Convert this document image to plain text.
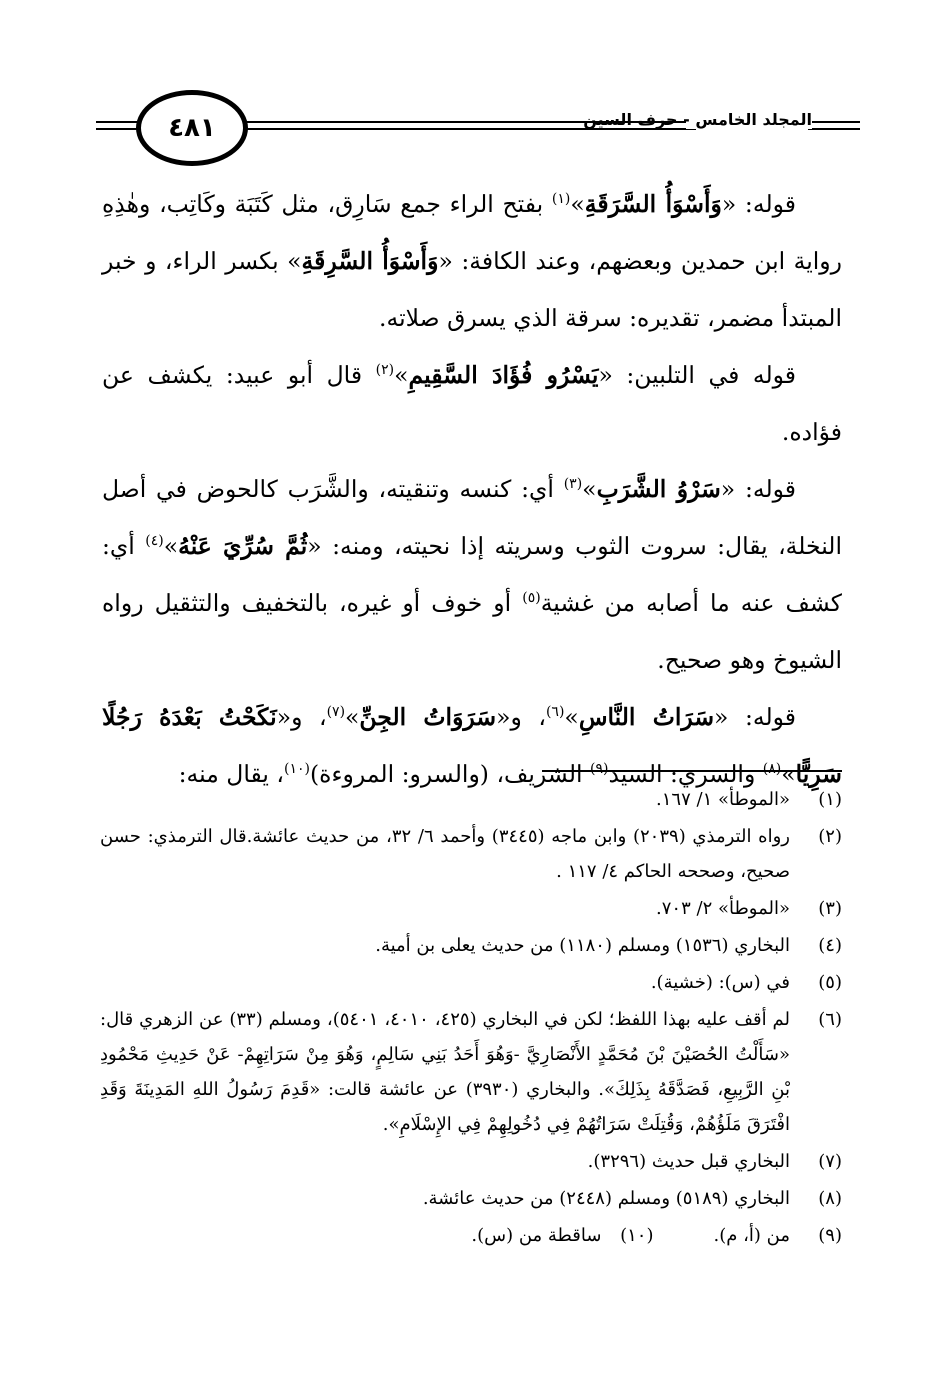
٤٨١	المجلد الخامس - حرف السين

قوله: «وَأَسْوَأُ السَّرَقَةِ»$^{(١)}$ بفتح الراء جمع سَارِق، مثل كَتَبَة وكَاتِب، وهٰذِهِ رواية ابن حمدين وبعضهم، وعند الكافة: «وَأَسْوَأُ السَّرِقَةِ» بكسر الراء، و خبر المبتدأ مضمر، تقديره: سرقة الذي يسرق صلاته.

قوله في التلبين: «يَسْرُو فُؤَادَ السَّقِيمِ»$^{(٢)}$ قال أبو عبيد: يكشف عن فؤاده.

قوله: «سَرْوُ الشَّرَبِ»$^{(٣)}$ أي: كنسه وتنقيته، والشَّرَب كالحوض في أصل النخلة، يقال: سروت الثوب وسريته إذا نحيته، ومنه: «ثُمَّ سُرِّيَ عَنْهُ»$^{(٤)}$ أي: كشف عنه ما أصابه من غشية$^{(٥)}$ أو خوف أو غيره، بالتخفيف والتثقيل رواه الشيوخ وهو صحيح.

قوله: «سَرَاتُ النَّاسِ»$^{(٦)}$، و«سَرَوَاتُ الجِنِّ»$^{(٧)}$، و«نَكَحْتُ بَعْدَهُ رَجُلًا سَرِيًّا»$^{(٨)}$ والسري: السيد$^{(٩)}$ الشريف، (والسرو: المروءة)$^{(١٠)}$، يقال منه:

(١)
«الموطأ» ١/ ١٦٧.
(٢)
رواه الترمذي (٢٠٣٩) وابن ماجه (٣٤٤٥) وأحمد ٦/ ٣٢، من حديث عائشة.قال الترمذي: حسن صحيح، وصححه الحاكم ٤/ ١١٧ .
(٣)
«الموطأ» ٢/ ٧٠٣.
(٤)
البخاري (١٥٣٦) ومسلم (١١٨٠) من حديث يعلى بن أمية.
(٥)
في (س): (خشية).
(٦)
لم أقف عليه بهذا اللفظ؛ لكن في البخاري (٤٢٥، ٤٠١٠، ٥٤٠١)، ومسلم (٣٣) عن الزهري قال: «سَأَلْتُ الحُصَيْنَ بْنَ مُحَمَّدٍ الأَنْصَارِيَّ -وَهُوَ أَحَدُ بَنِي سَالِمٍ، وَهُوَ مِنْ سَرَاتِهِمْ- عَنْ حَدِيثِ مَحْمُودِ بْنِ الرَّبِيعِ، فَصَدَّقَهُ بِذَلِكَ». والبخاري (٣٩٣٠) عن عائشة قالت: «قَدِمَ رَسُولُ اللهِ المَدِينَةَ وَقَدِ افْتَرَقَ مَلَؤُهُمْ، وَقُتِلَتْ سَرَاتُهُمْ فِي دُخُولِهِمْ فِي الإِسْلَامِ».
(٧)
البخاري قبل حديث (٣٢٩٦).
(٨)
البخاري (٥١٨٩) ومسلم (٢٤٤٨) من حديث عائشة.
(٩)
من (أ، م).
(١٠)
ساقطة من (س).
